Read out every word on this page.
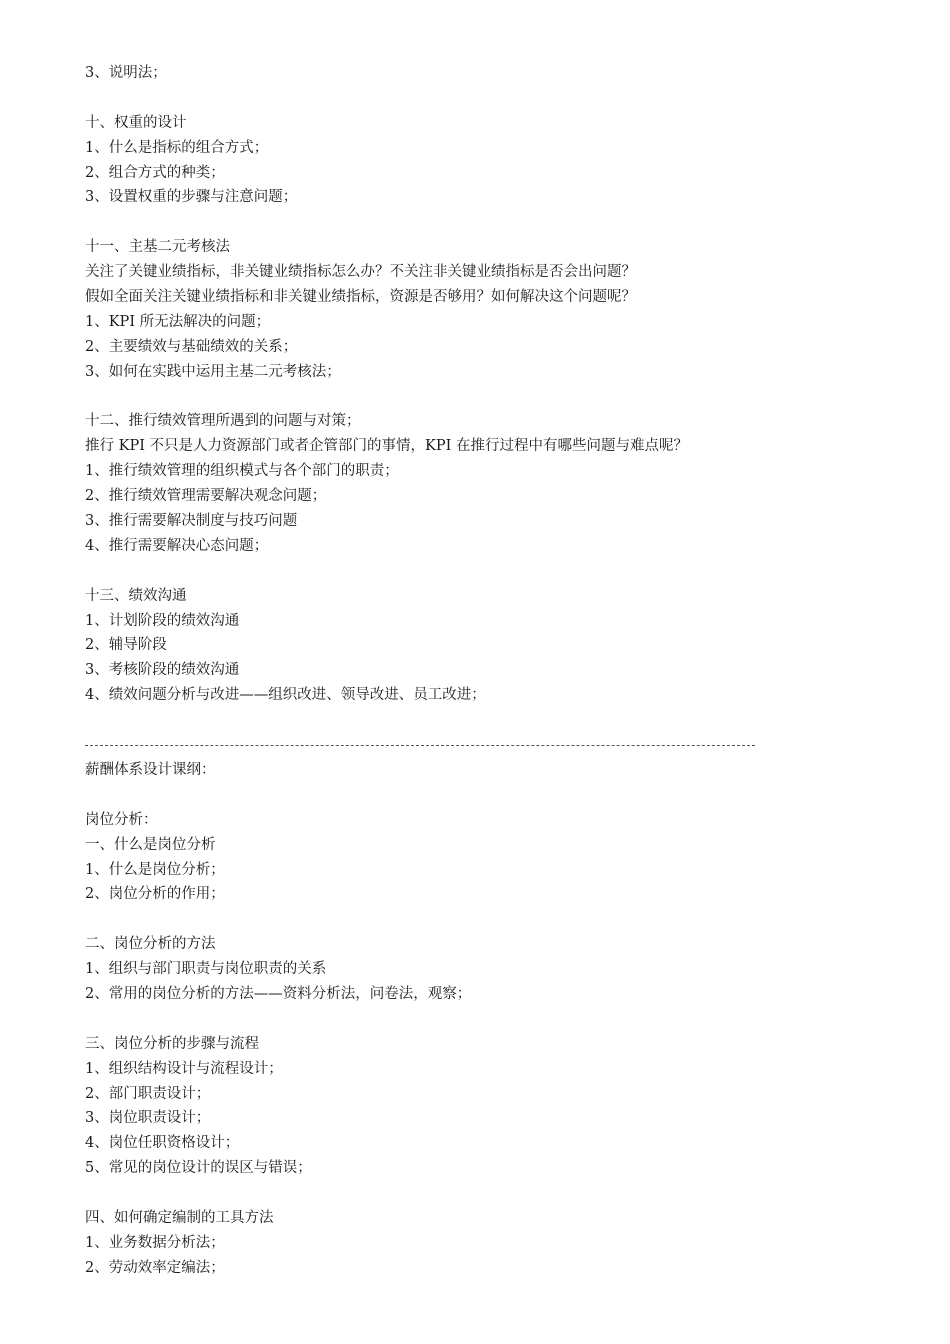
3、说明法；
十、权重的设计
1、什么是指标的组合方式；
2、组合方式的种类；
3、设置权重的步骤与注意问题；
十一、主基二元考核法
关注了关键业绩指标，非关键业绩指标怎么办？不关注非关键业绩指标是否会出问题？
假如全面关注关键业绩指标和非关键业绩指标，资源是否够用？如何解决这个问题呢？
1、KPI 所无法解决的问题；
2、主要绩效与基础绩效的关系；
3、如何在实践中运用主基二元考核法；
十二、推行绩效管理所遇到的问题与对策；
推行 KPI 不只是人力资源部门或者企管部门的事情，KPI 在推行过程中有哪些问题与难点呢？
1、推行绩效管理的组织模式与各个部门的职责；
2、推行绩效管理需要解决观念问题；
3、推行需要解决制度与技巧问题
4、推行需要解决心态问题；
十三、绩效沟通
1、计划阶段的绩效沟通
2、辅导阶段
3、考核阶段的绩效沟通
4、绩效问题分析与改进——组织改进、领导改进、员工改进；
薪酬体系设计课纲：
岗位分析：
一、什么是岗位分析
1、什么是岗位分析；
2、岗位分析的作用；
二、岗位分析的方法
1、组织与部门职责与岗位职责的关系
2、常用的岗位分析的方法——资料分析法，问卷法，观察；
三、岗位分析的步骤与流程
1、组织结构设计与流程设计；
2、部门职责设计；
3、岗位职责设计；
4、岗位任职资格设计；
5、常见的岗位设计的误区与错误；
四、如何确定编制的工具方法
1、业务数据分析法；
2、劳动效率定编法；
